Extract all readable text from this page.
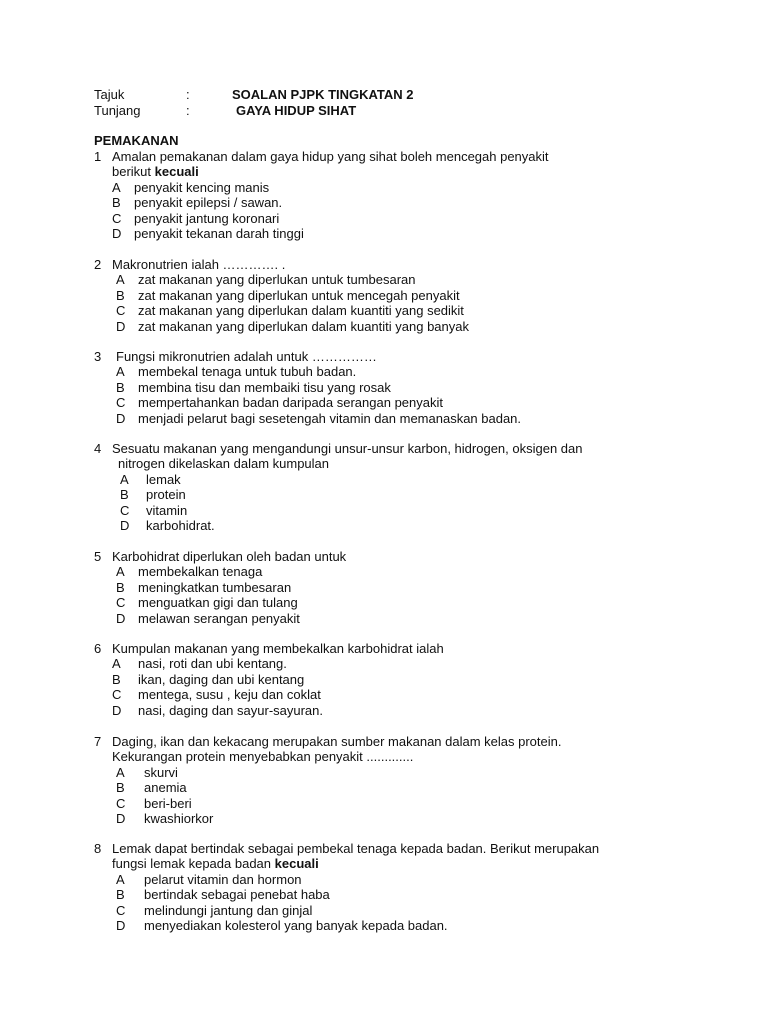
Tajuk	:	SOALAN PJPK TINGKATAN 2
Tunjang	:	GAYA HIDUP SIHAT
PEMAKANAN
1 Amalan pemakanan dalam gaya hidup yang sihat boleh mencegah penyakit
berikut kecuali
A penyakit kencing manis
B penyakit epilepsi / sawan.
C penyakit jantung koronari
D penyakit tekanan darah tinggi
2 Makronutrien ialah …………. .
A zat makanan yang diperlukan untuk tumbesaran
B zat makanan yang diperlukan untuk mencegah penyakit
C zat makanan yang diperlukan dalam kuantiti yang sedikit
D zat makanan yang diperlukan dalam kuantiti yang banyak
3 Fungsi mikronutrien adalah untuk ……………
A membekal tenaga untuk tubuh badan.
B membina tisu dan membaiki tisu yang rosak
C mempertahankan badan daripada serangan penyakit
D menjadi pelarut bagi sesetengah vitamin dan memanaskan badan.
4 Sesuatu makanan yang mengandungi unsur-unsur karbon, hidrogen, oksigen dan
nitrogen dikelaskan dalam kumpulan
A lemak
B protein
C vitamin
D karbohidrat.
5 Karbohidrat diperlukan oleh badan untuk
A membekalkan tenaga
B meningkatkan tumbesaran
C menguatkan gigi dan tulang
D melawan serangan penyakit
6 Kumpulan makanan yang membekalkan karbohidrat ialah
A nasi, roti dan ubi kentang.
B ikan, daging dan ubi kentang
C mentega, susu , keju dan coklat
D nasi, daging dan sayur-sayuran.
7 Daging, ikan dan kekacang merupakan sumber makanan dalam kelas protein.
Kekurangan protein menyebabkan penyakit .............
A skurvi
B anemia
C beri-beri
D kwashiorkor
8 Lemak dapat bertindak sebagai pembekal tenaga kepada badan. Berikut merupakan
fungsi lemak kepada badan kecuali
A pelarut vitamin dan hormon
B bertindak sebagai penebat haba
C melindungi jantung dan ginjal
D menyediakan kolesterol yang banyak kepada badan.
